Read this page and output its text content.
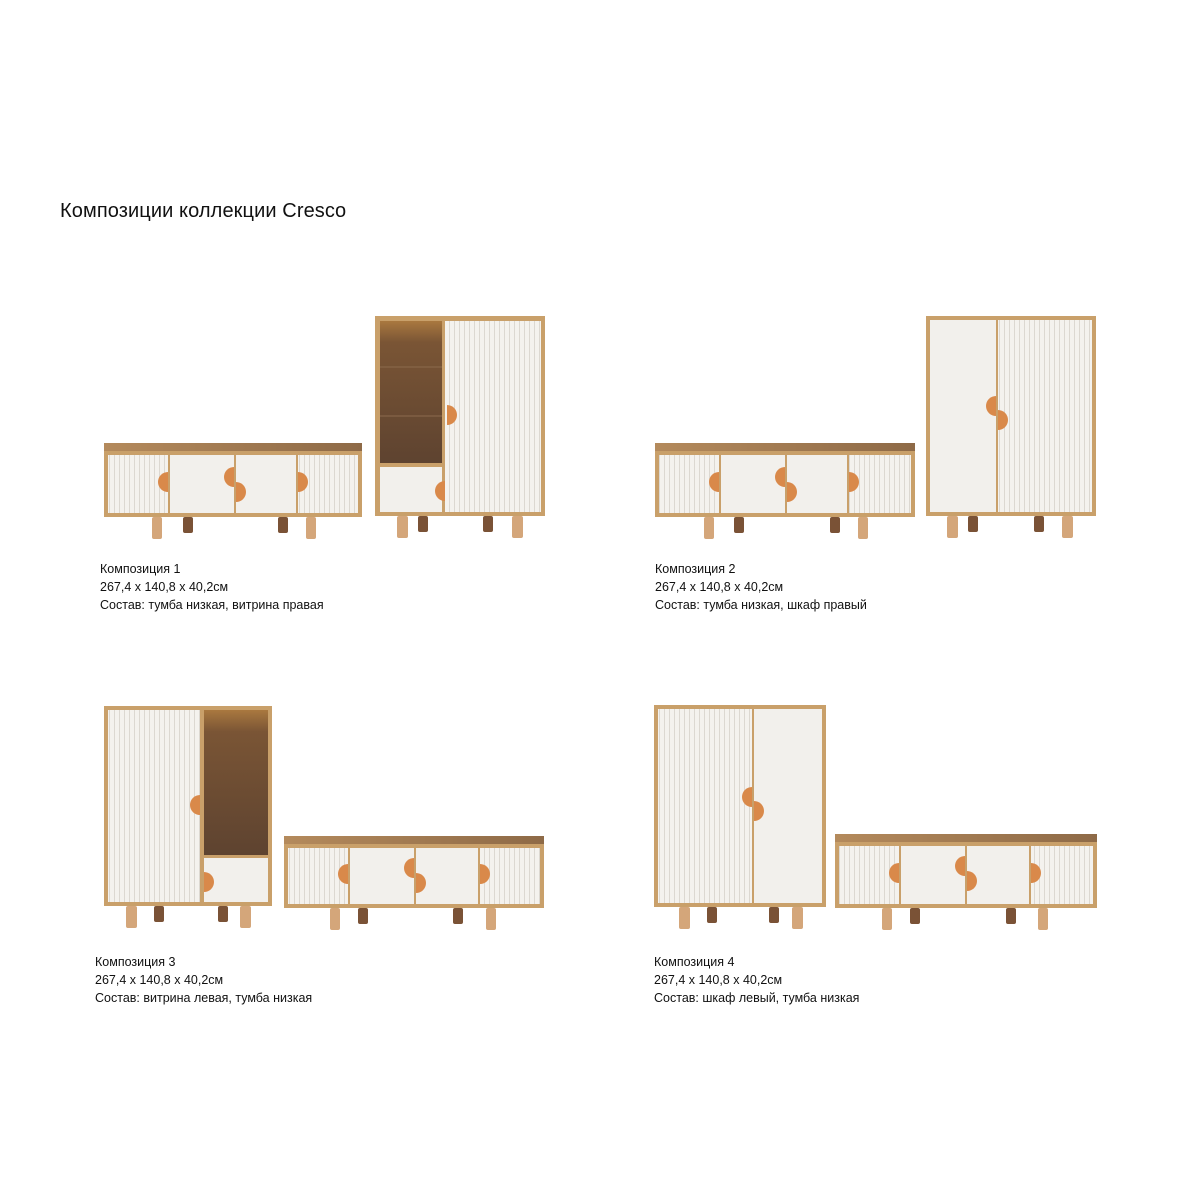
Композиции коллекции Cresco
Композиция 1
267,4 x 140,8 x 40,2см
Состав: тумба низкая, витрина правая
Композиция 2
267,4 x 140,8 x 40,2см
Состав: тумба низкая, шкаф правый
Композиция 3
267,4 x 140,8 x 40,2см
Состав: витрина левая, тумба низкая
Композиция 4
267,4 x 140,8 x 40,2см
Состав: шкаф левый, тумба низкая
